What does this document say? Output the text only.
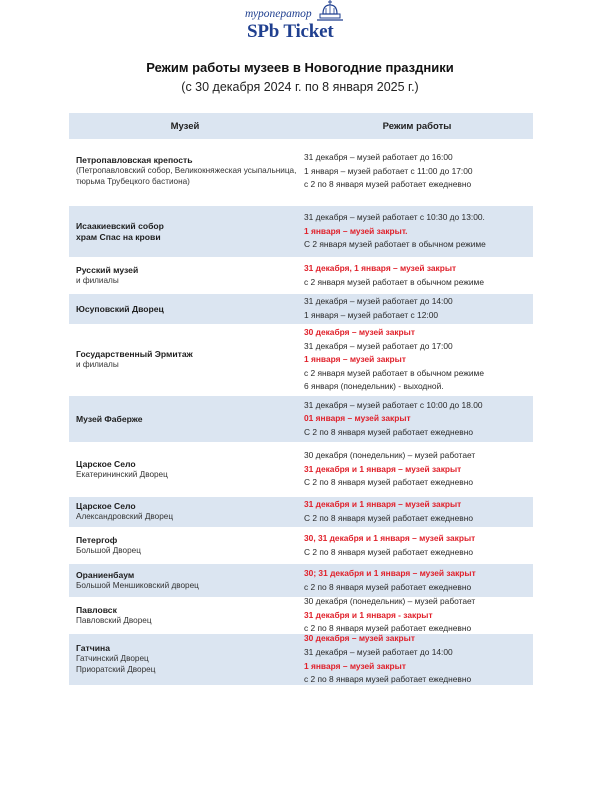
туроператор
SPb Ticket
Режим работы музеев в Новогодние праздники
(с 30 декабря 2024 г. по 8 января 2025 г.)
Музей	Режим работы
Петропавловская крепость
(Петропавловский собор, Великокняжеская усыпальница,
тюрьма Трубецкого бастиона)
31 декабря – музей работает до 16:00
1 января – музей работает с 11:00 до 17:00
с 2 по 8 января музей работает ежедневно
Исаакиевский собор
храм Спас на крови
31 декабря – музей работает с 10:30 до 13:00.
1 января – музей закрыт.
С 2 января музей работает в обычном режиме
Русский музей
и филиалы
31 декабря, 1 января – музей закрыт
с 2 января музей работает в обычном режиме
Юсуповский Дворец
31 декабря – музей работает до 14:00
1 января – музей работает с 12:00
Государственный Эрмитаж
и филиалы
30 декабря – музей закрыт
31 декабря – музей работает до 17:00
1 января – музей закрыт
с 2 января музей работает в обычном режиме
6 января (понедельник) - выходной.
Музей Фаберже
31 декабря – музей работает с 10:00 до 18.00
01 января – музей закрыт
С 2 по 8 января музей работает ежедневно
Царское Село
Екатерининский Дворец
30 декабря (понедельник) – музей работает
31 декабря и 1 января – музей закрыт
С 2 по 8 января музей работает ежедневно
Царское Село
Александровский Дворец
31 декабря и 1 января – музей закрыт
С 2 по 8 января музей работает ежедневно
Петергоф
Большой Дворец
30, 31 декабря и 1 января – музей закрыт
С 2 по 8 января музей работает ежедневно
Ораниенбаум
Большой Меншиковский дворец
30; 31 декабря и 1 января – музей закрыт
с 2 по 8 января музей работает ежедневно
Павловск
Павловский Дворец
30 декабря (понедельник) – музей работает
31 декабря и 1 января - закрыт
с 2 по 8 января музей работает ежедневно
Гатчина
Гатчинский Дворец
Приоратский Дворец
30 декабря – музей закрыт
31 декабря – музей работает до 14:00
1 января – музей закрыт
с 2 по 8 января музей работает ежедневно
